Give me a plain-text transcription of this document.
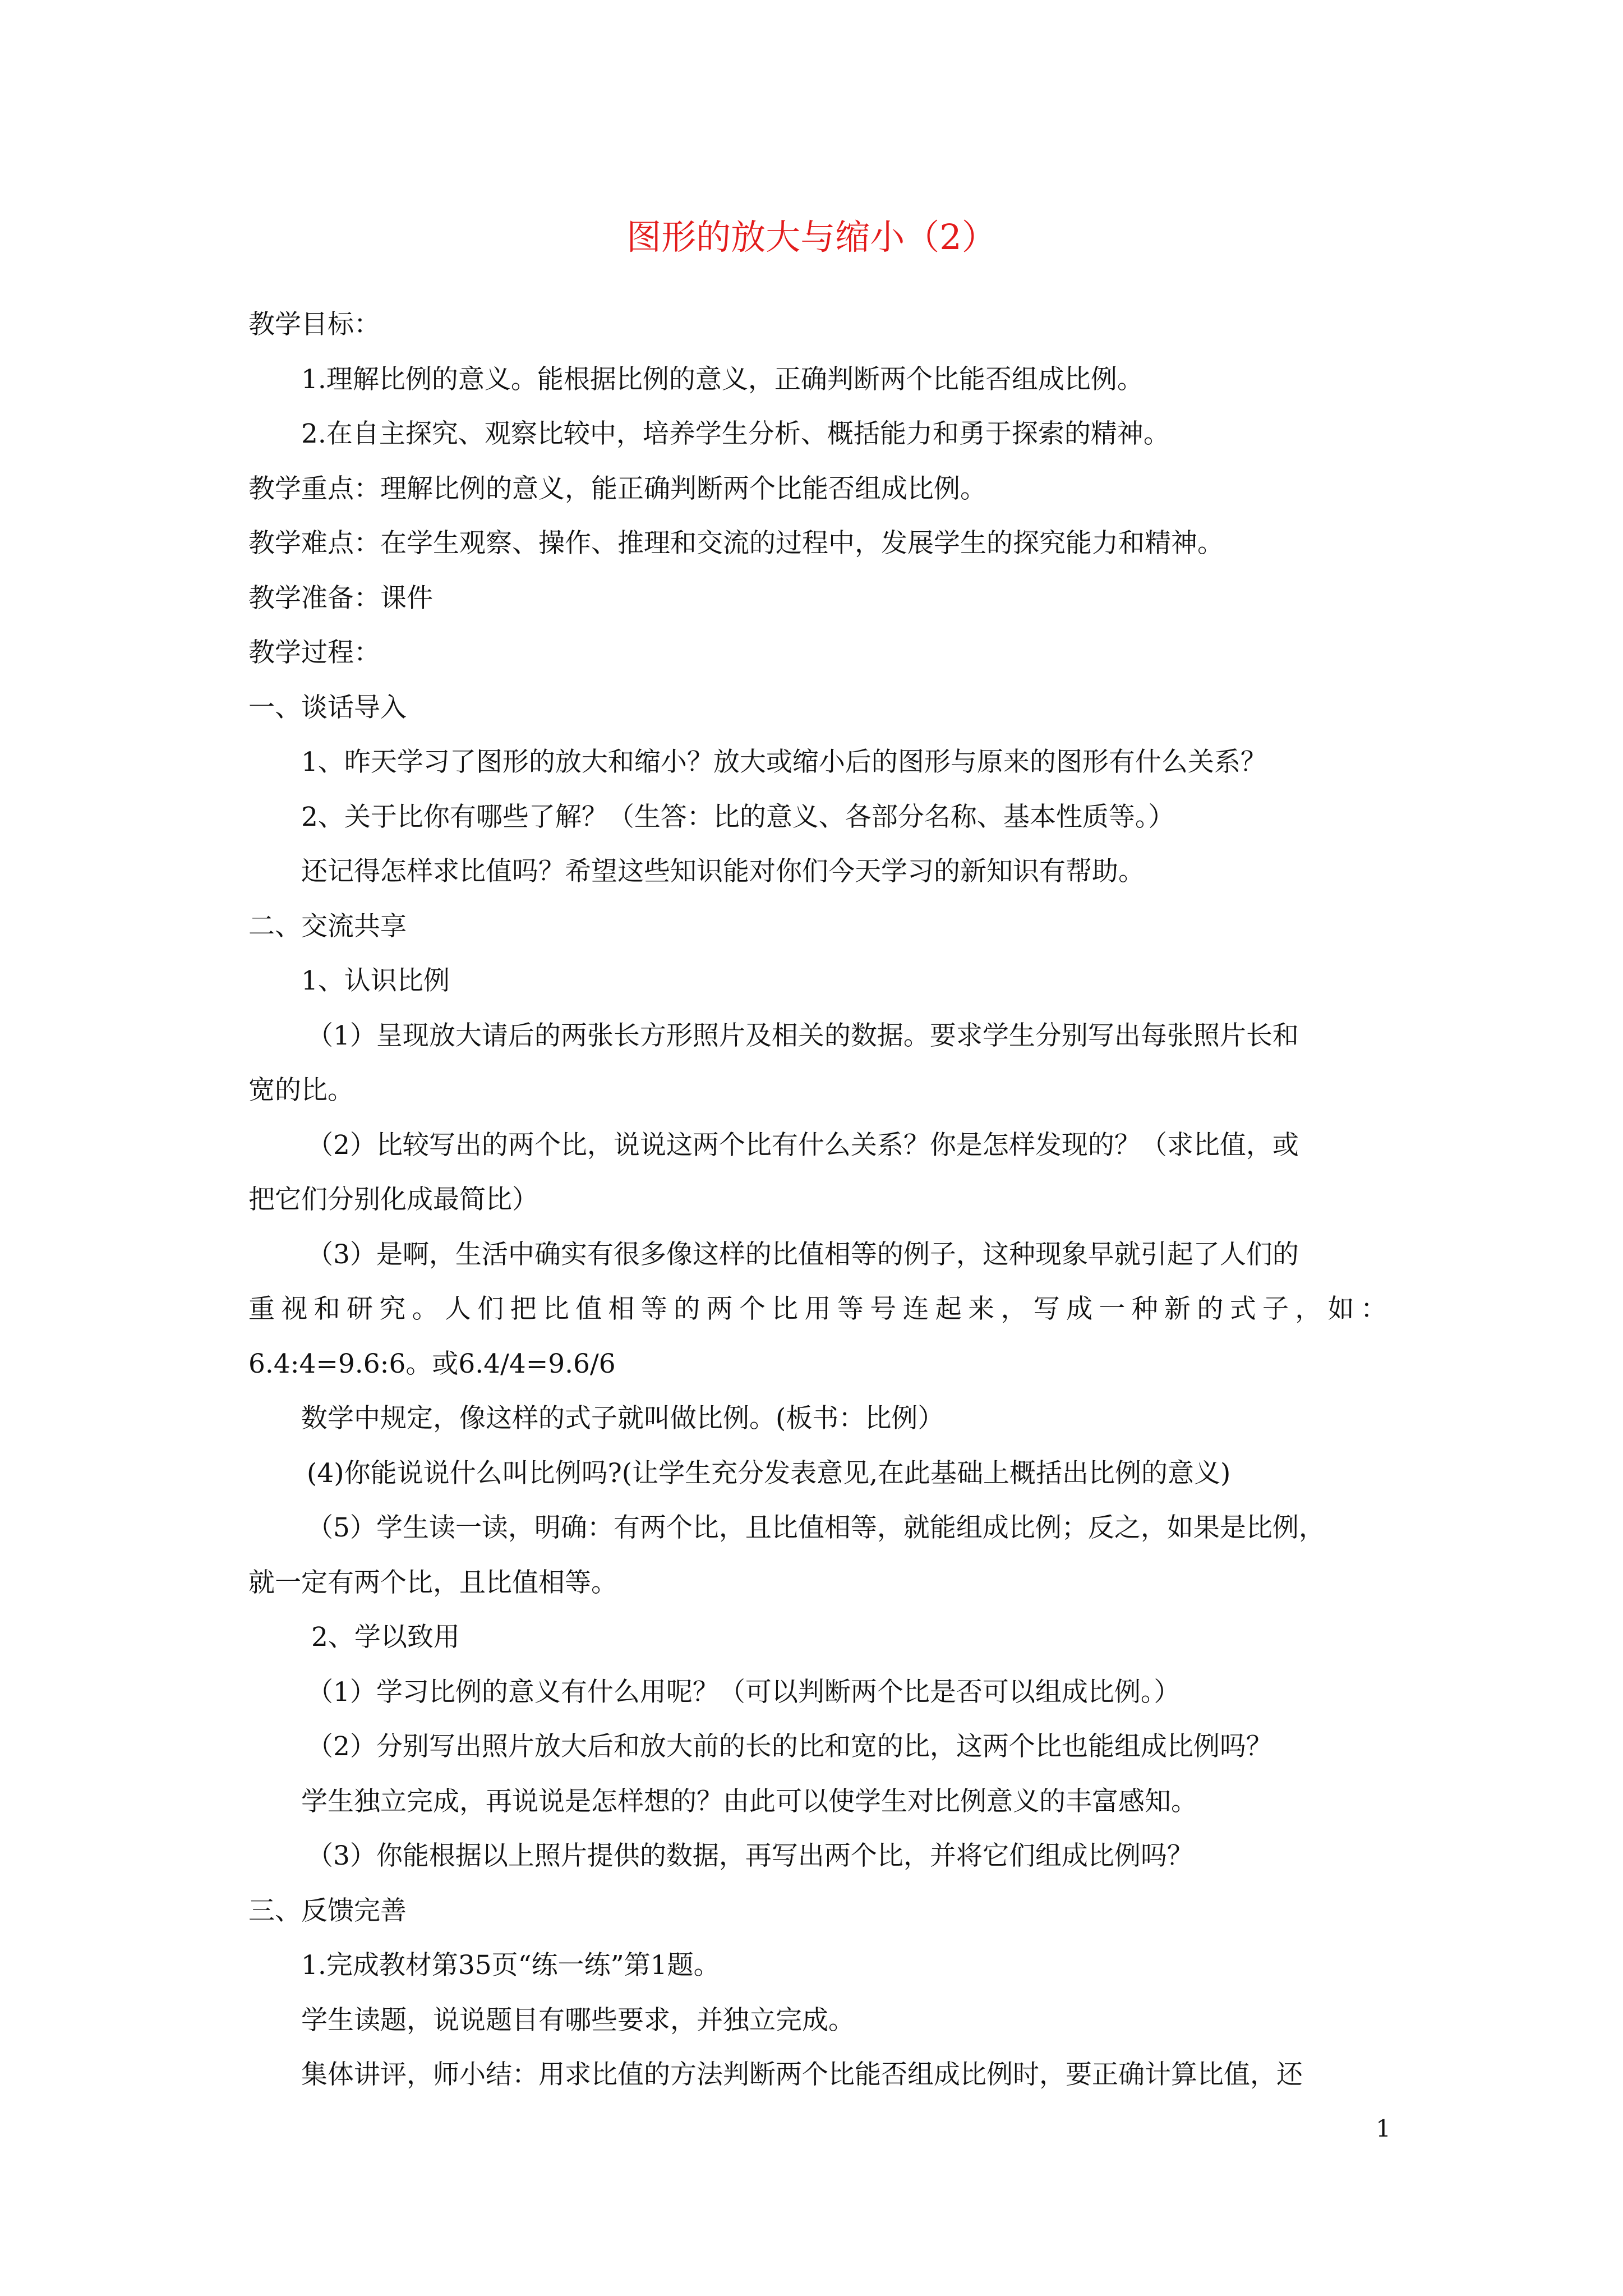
图形的放大与缩小（2）
教学目标：
1.理解比例的意义。能根据比例的意义，正确判断两个比能否组成比例。
2.在自主探究、观察比较中，培养学生分析、概括能力和勇于探索的精神。
教学重点：理解比例的意义，能正确判断两个比能否组成比例。
教学难点：在学生观察、操作、推理和交流的过程中，发展学生的探究能力和精神。
教学准备：课件
教学过程：
一、谈话导入
1、昨天学习了图形的放大和缩小？放大或缩小后的图形与原来的图形有什么关系？
2、关于比你有哪些了解？（生答：比的意义、各部分名称、基本性质等。）
还记得怎样求比值吗？希望这些知识能对你们今天学习的新知识有帮助。
二、交流共享
1、认识比例
（1）呈现放大请后的两张长方形照片及相关的数据。要求学生分别写出每张照片长和
宽的比。
（2）比较写出的两个比，说说这两个比有什么关系？你是怎样发现的？（求比值，或
把它们分别化成最简比）
（3）是啊，生活中确实有很多像这样的比值相等的例子，这种现象早就引起了人们的
重视和研究。人们把比值相等的两个比用等号连起来，写成一种新的式子，如：
6.4:4=9.6:6。或6.4/4=9.6/6
数学中规定，像这样的式子就叫做比例。(板书：比例）
(4)你能说说什么叫比例吗?(让学生充分发表意见,在此基础上概括出比例的意义)
（5）学生读一读，明确：有两个比，且比值相等，就能组成比例；反之，如果是比例，
就一定有两个比，且比值相等。
2、学以致用
（1）学习比例的意义有什么用呢？（可以判断两个比是否可以组成比例。）
（2）分别写出照片放大后和放大前的长的比和宽的比，这两个比也能组成比例吗？
学生独立完成，再说说是怎样想的？由此可以使学生对比例意义的丰富感知。
（3）你能根据以上照片提供的数据，再写出两个比，并将它们组成比例吗？
三、反馈完善
1.完成教材第35页“练一练”第1题。
学生读题，说说题目有哪些要求，并独立完成。
集体讲评，师小结：用求比值的方法判断两个比能否组成比例时，要正确计算比值，还
1
